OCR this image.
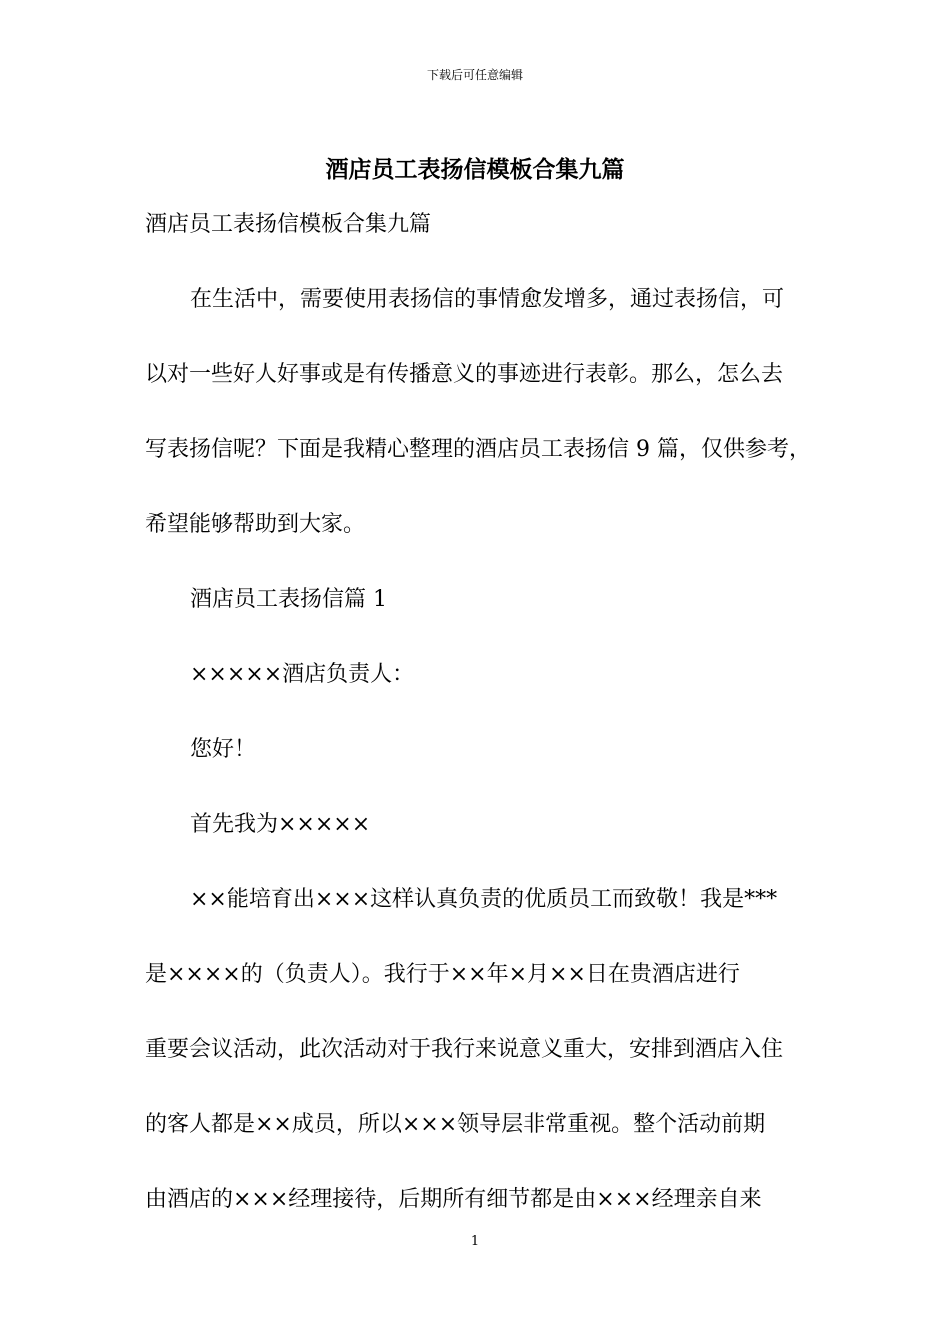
下载后可任意编辑
酒店员工表扬信模板合集九篇
酒店员工表扬信模板合集九篇
在生活中，需要使用表扬信的事情愈发增多，通过表扬信，可
以对一些好人好事或是有传播意义的事迹进行表彰。那么，怎么去
写表扬信呢？下面是我精心整理的酒店员工表扬信 9 篇，仅供参考，
希望能够帮助到大家。
酒店员工表扬信篇 1
×××××酒店负责人：
您好！
首先我为×××××
××能培育出×××这样认真负责的优质员工而致敬！我是***
是××××的（负责人）。我行于××年×月××日在贵酒店进行
重要会议活动，此次活动对于我行来说意义重大，安排到酒店入住
的客人都是××成员，所以×××领导层非常重视。整个活动前期
由酒店的×××经理接待，后期所有细节都是由×××经理亲自来
1
